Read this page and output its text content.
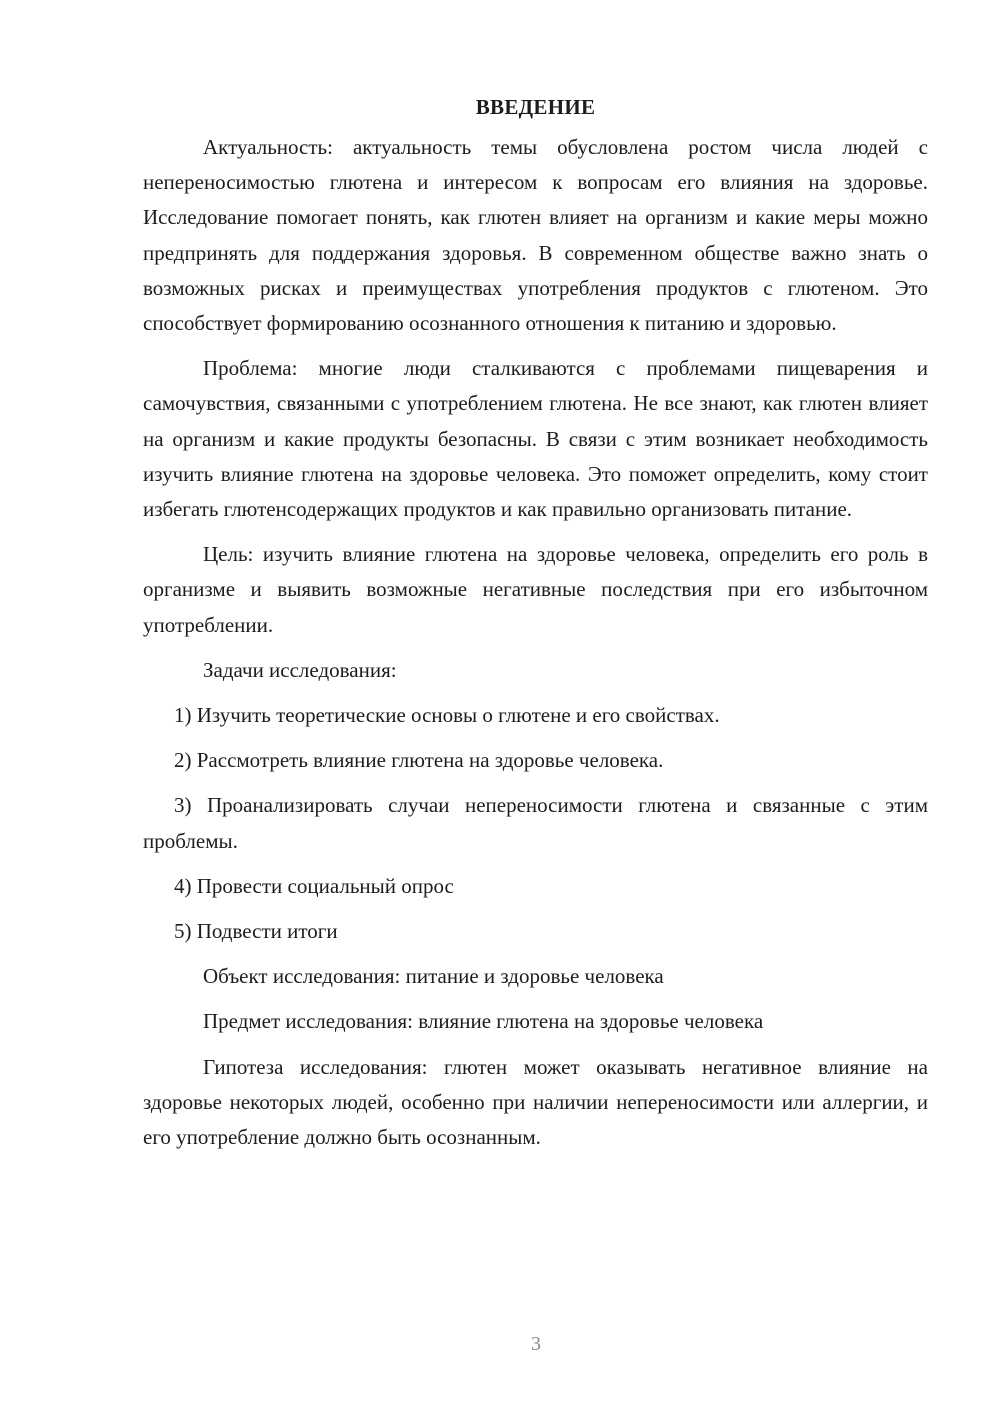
ВВЕДЕНИЕ

Актуальность: актуальность темы обусловлена ростом числа людей с непереносимостью глютена и интересом к вопросам его влияния на здоровье. Исследование помогает понять, как глютен влияет на организм и какие меры можно предпринять для поддержания здоровья. В современном обществе важно знать о возможных рисках и преимуществах употребления продуктов с глютеном. Это способствует формированию осознанного отношения к питанию и здоровью.

Проблема: многие люди сталкиваются с проблемами пищеварения и самочувствия, связанными с употреблением глютена. Не все знают, как глютен влияет на организм и какие продукты безопасны. В связи с этим возникает необходимость изучить влияние глютена на здоровье человека. Это поможет определить, кому стоит избегать глютенсодержащих продуктов и как правильно организовать питание.

Цель: изучить влияние глютена на здоровье человека, определить его роль в организме и выявить возможные негативные последствия при его избыточном употреблении.

Задачи исследования:

1) Изучить теоретические основы о глютене и его свойствах.

2) Рассмотреть влияние глютена на здоровье человека.

3) Проанализировать случаи непереносимости глютена и связанные с этим проблемы.

4) Провести социальный опрос

5) Подвести итоги

Объект исследования: питание и здоровье человека

Предмет исследования: влияние глютена на здоровье человека

Гипотеза исследования: глютен может оказывать негативное влияние на здоровье некоторых людей, особенно при наличии непереносимости или аллергии, и его употребление должно быть осознанным.

3
